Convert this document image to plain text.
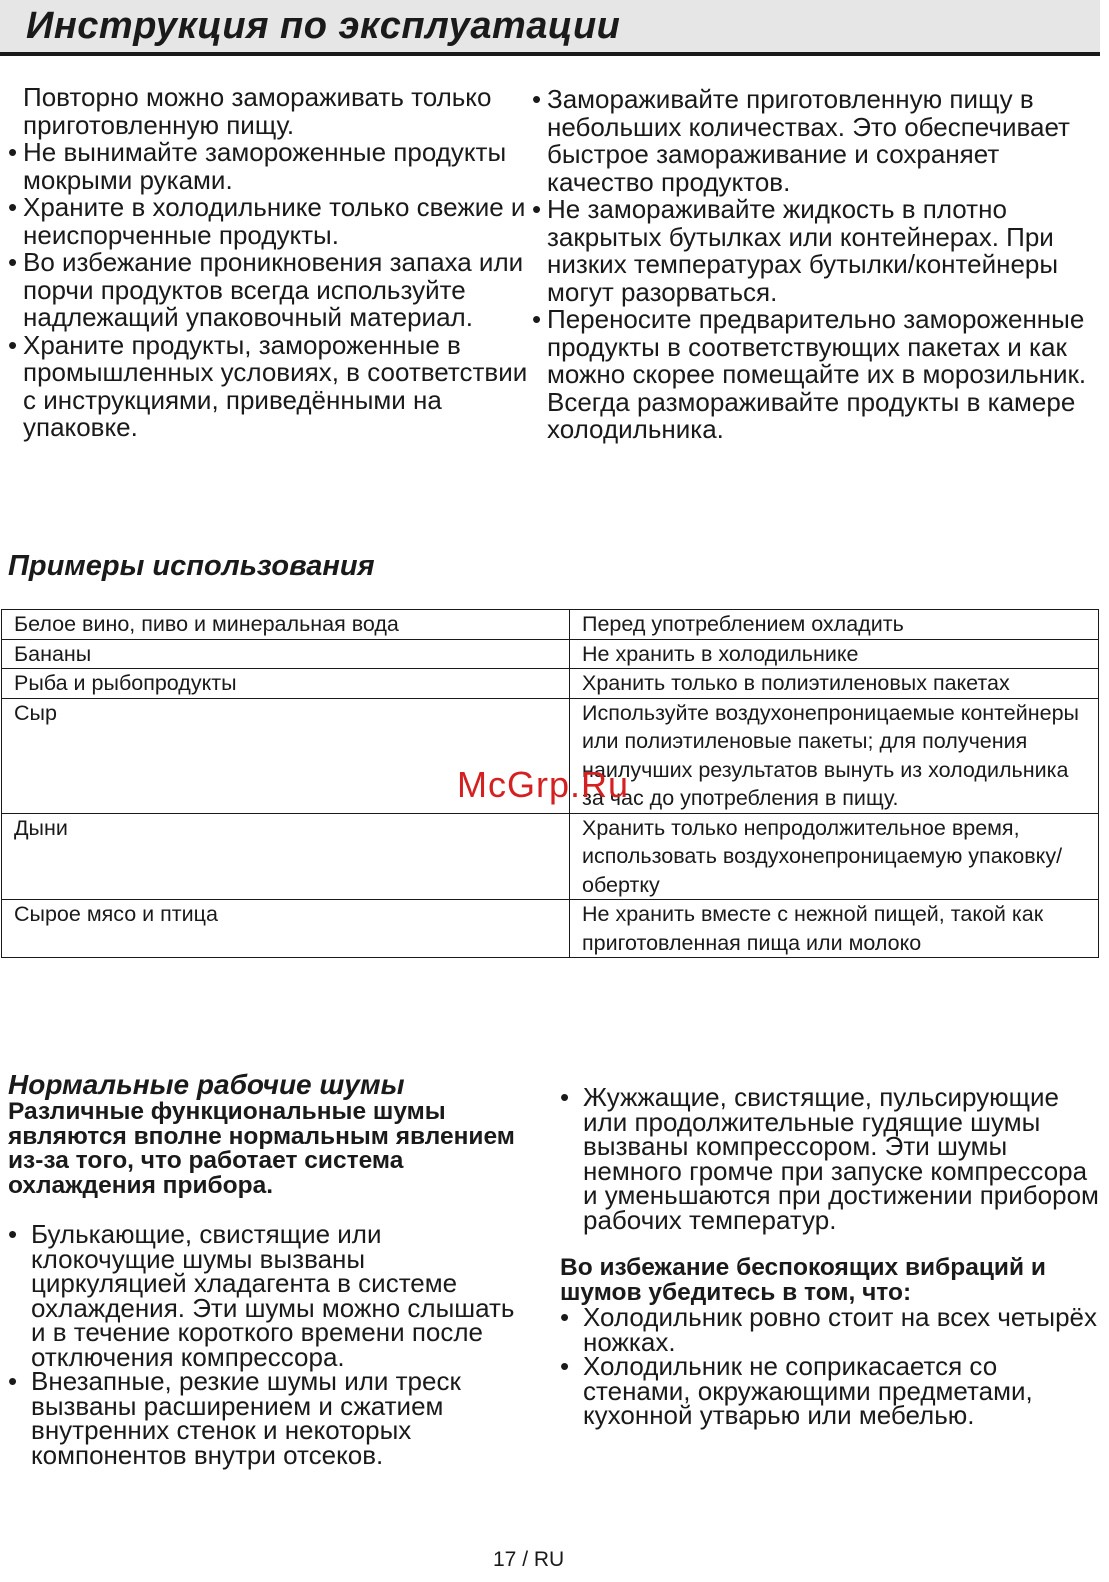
Инструкция по эксплуатации

Повторно можно замораживать только приготовленную пищу.

• Не вынимайте замороженные продукты мокрыми руками.

• Храните в холодильнике только свежие и неиспорченные продукты.

• Во избежание проникновения запаха или порчи продуктов всегда используйте надлежащий упаковочный материал.

• Храните продукты, замороженные в промышленных условиях, в соответствии с инструкциями, приведёнными на упаковке.

• Замораживайте приготовленную пищу в небольших количествах. Это обеспечивает быстрое замораживание и сохраняет качество продуктов.

• Не замораживайте жидкость в плотно закрытых бутылках или контейнерах. При низких температурах бутылки/контейнеры могут разорваться.

• Переносите предварительно замороженные продукты в соответствующих пакетах и как можно скорее помещайте их в морозильник. Всегда размораживайте продукты в камере холодильника.

Примеры использования
Белое вино, пиво и минеральная вода	Перед употреблением охладить
Бананы	Не хранить в холодильнике
Рыба и рыбопродукты	Хранить только в полиэтиленовых пакетах
Сыр	Используйте воздухонепроницаемые контейнеры или полиэтиленовые пакеты; для получения наилучших результатов вынуть из холодильника за час до употребления в пищу.
Дыни	Хранить только непродолжительное время, использовать воздухонепроницаемую упаковку/обертку
Сырое мясо и птица	Не хранить вместе с нежной пищей, такой как приготовленная пища или молоко
McGrp.Ru
Нормальные рабочие шумы

Различные функциональные шумы являются вполне нормальным явлением из-за того, что работает система охлаждения прибора.

• Булькающие, свистящие или клокочущие шумы вызваны циркуляцией хладагента в системе охлаждения. Эти шумы можно слышать и в течение короткого времени после отключения компрессора.

• Внезапные, резкие шумы или треск вызваны расширением и сжатием внутренних стенок и некоторых компонентов внутри отсеков.

• Жужжащие, свистящие, пульсирующие или продолжительные гудящие шумы вызваны компрессором. Эти шумы немного громче при запуске компрессора и уменьшаются при достижении прибором рабочих температур.

Во избежание беспокоящих вибраций и шумов убедитесь в том, что:

• Холодильник ровно стоит на всех четырёх ножках.

• Холодильник не соприкасается со стенами, окружающими предметами, кухонной утварью или мебелью.

17 / RU
